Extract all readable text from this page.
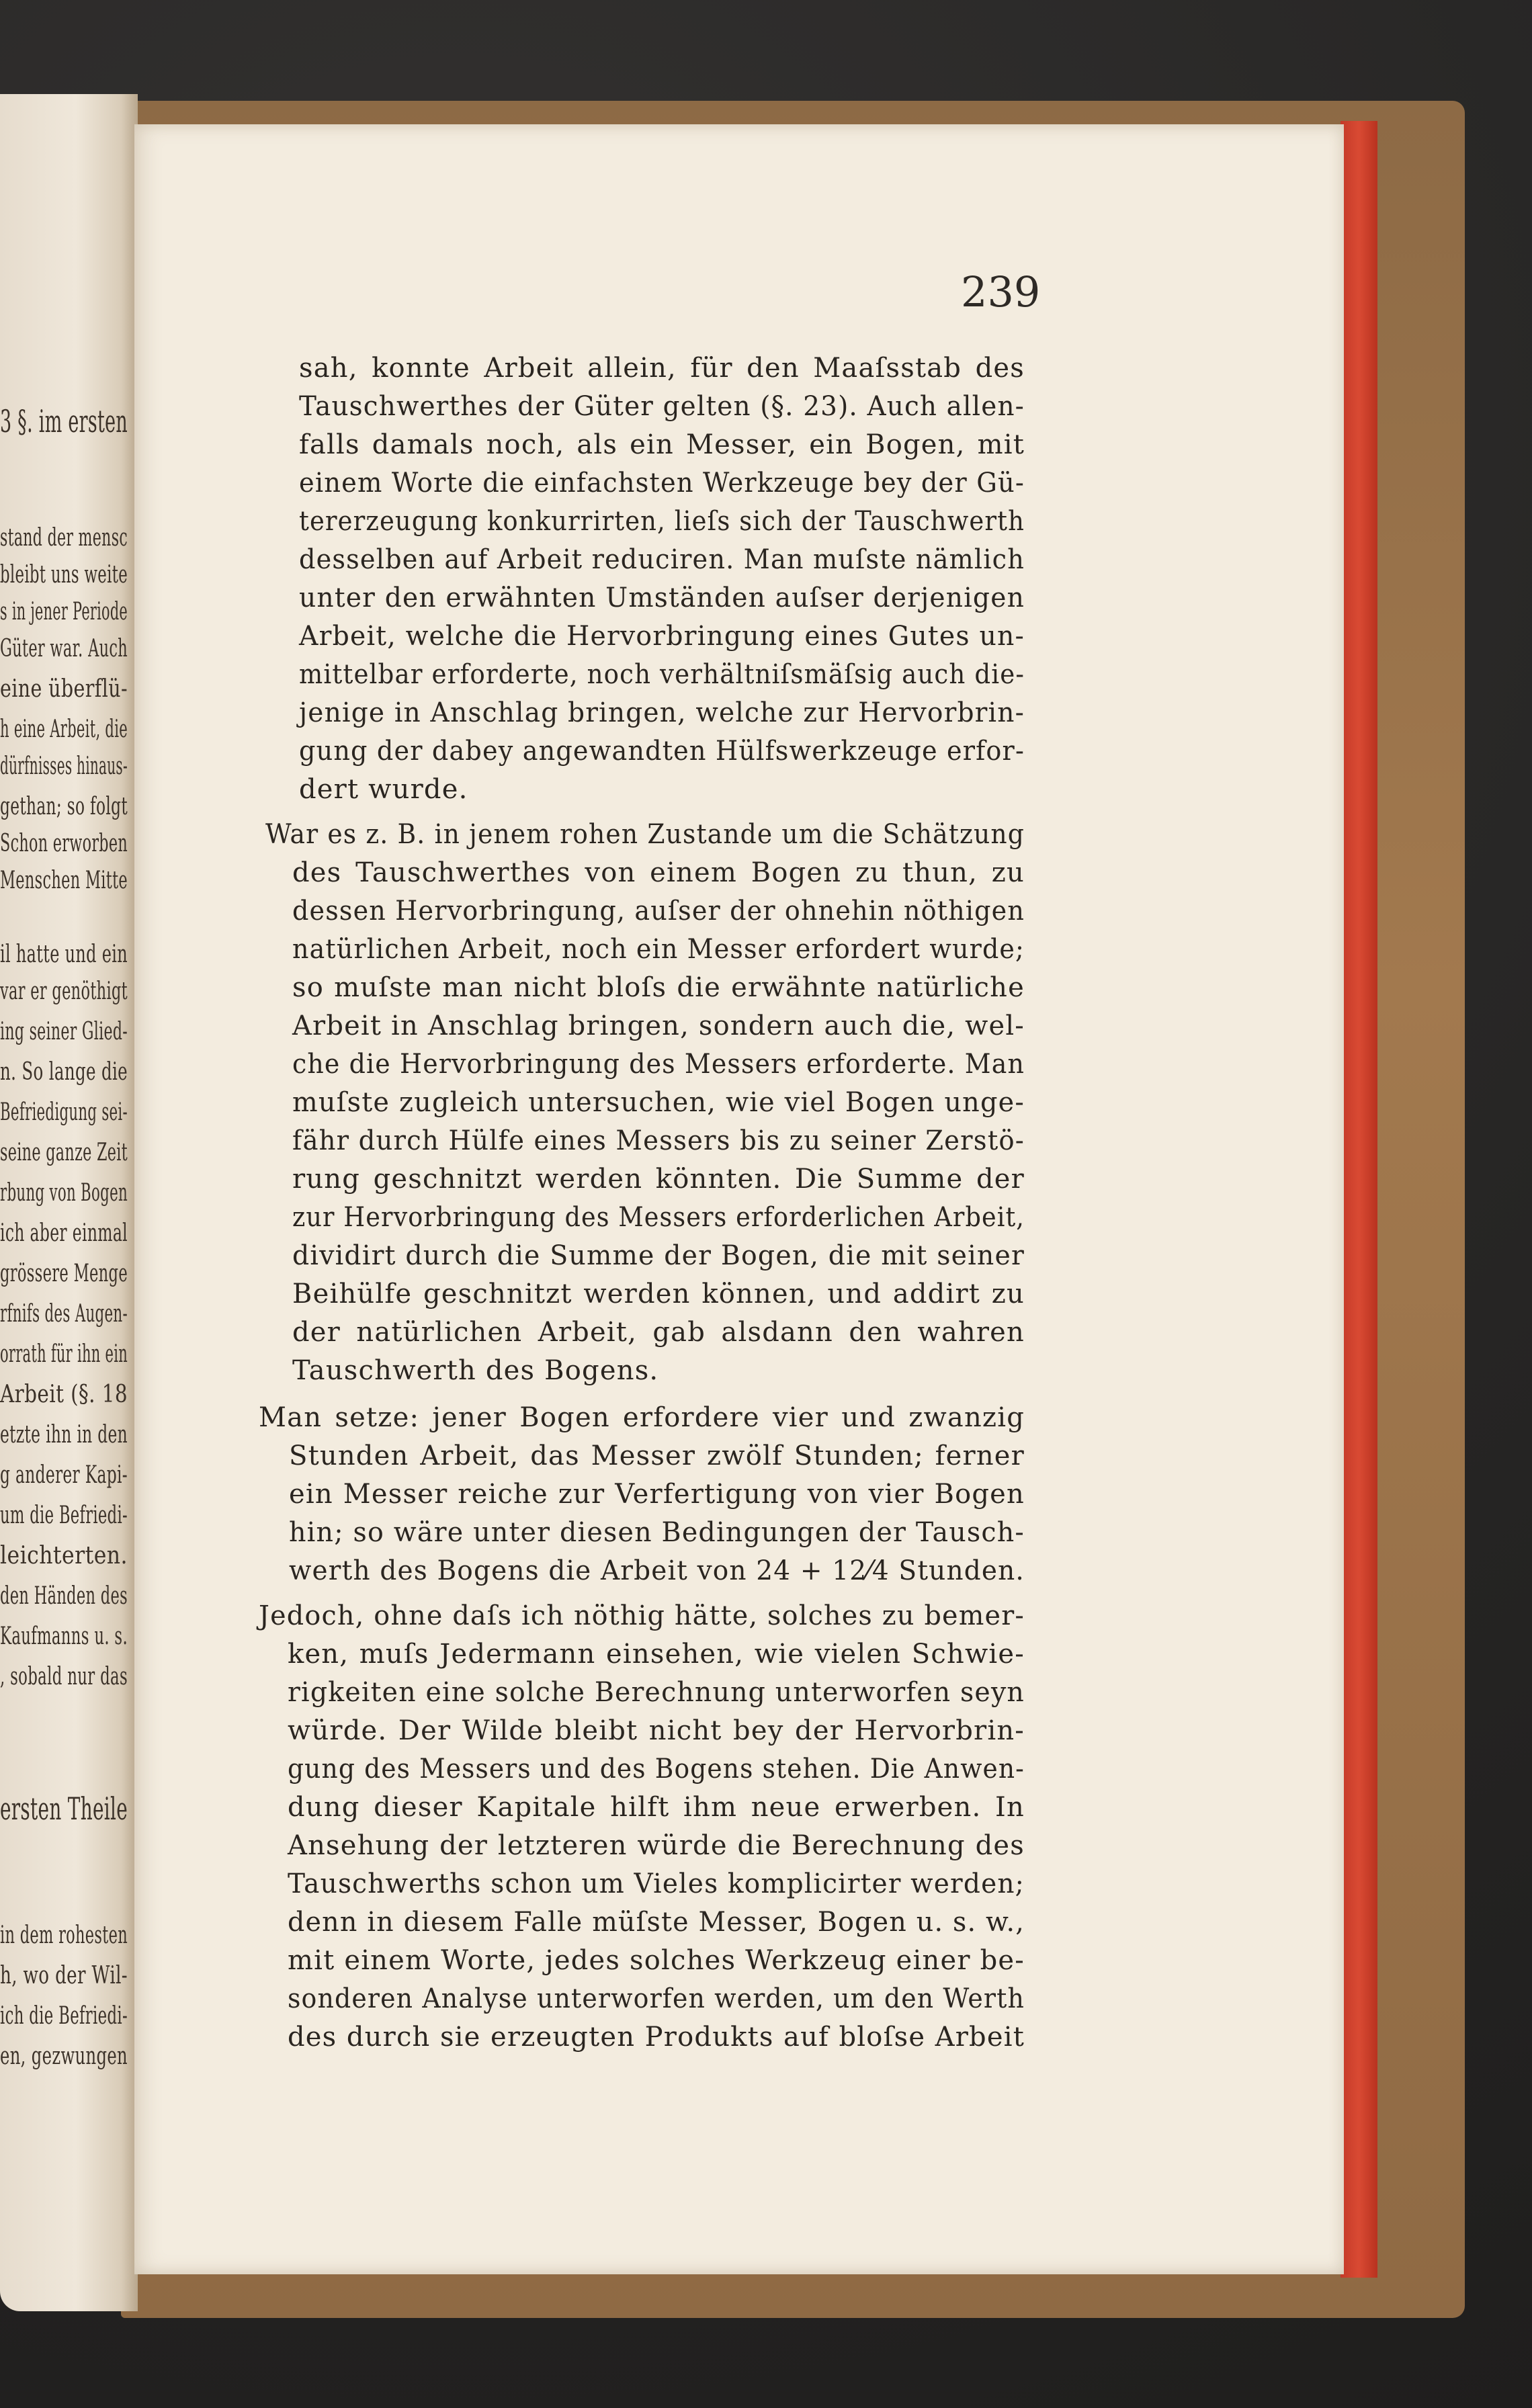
3 §. im ersten
stand der mensc
bleibt uns weite
s in jener Periode
Güter war. Auch
eine überflü-
h eine Arbeit, die
dürfnisses hinaus-
gethan; so folgt
Schon erworben
Menschen Mitte
il hatte und ein
var er genöthigt
ing seiner Glied-
n. So lange die
Befriedigung sei-
seine ganze Zeit
rbung von Bogen
ich aber einmal
grössere Menge
rfnifs des Augen-
orrath für ihn ein
Arbeit (§. 18
etzte ihn in den
g anderer Kapi-
um die Befriedi-
leichterten.
den Händen des
Kaufmanns u. s.
, sobald nur das
ersten Theile
in dem rohesten
h, wo der Wil-
ich die Befriedi-
en, gezwungen
239
sah, konnte Arbeit allein, für den Maaſsstab des
Tauschwerthes der Güter gelten (§. 23). Auch allen-
falls damals noch, als ein Messer, ein Bogen, mit
einem Worte die einfachsten Werkzeuge bey der Gü-
tererzeugung konkurrirten, lieſs sich der Tauschwerth
desselben auf Arbeit reduciren. Man muſste nämlich
unter den erwähnten Umständen auſser derjenigen
Arbeit, welche die Hervorbringung eines Gutes un-
mittelbar erforderte, noch verhältniſsmäſsig auch die-
jenige in Anschlag bringen, welche zur Hervorbrin-
gung der dabey angewandten Hülfswerkzeuge erfor-
dert wurde.
War es z. B. in jenem rohen Zustande um die Schätzung
des Tauschwerthes von einem Bogen zu thun, zu
dessen Hervorbringung, auſser der ohnehin nöthigen
natürlichen Arbeit, noch ein Messer erfordert wurde;
so muſste man nicht bloſs die erwähnte natürliche
Arbeit in Anschlag bringen, sondern auch die, wel-
che die Hervorbringung des Messers erforderte. Man
muſste zugleich untersuchen, wie viel Bogen unge-
fähr durch Hülfe eines Messers bis zu seiner Zerstö-
rung geschnitzt werden könnten. Die Summe der
zur Hervorbringung des Messers erforderlichen Arbeit,
dividirt durch die Summe der Bogen, die mit seiner
Beihülfe geschnitzt werden können, und addirt zu
der natürlichen Arbeit, gab alsdann den wahren
Tauschwerth des Bogens.
Man setze: jener Bogen erfordere vier und zwanzig
Stunden Arbeit, das Messer zwölf Stunden; ferner
ein Messer reiche zur Verfertigung von vier Bogen
hin; so wäre unter diesen Bedingungen der Tausch-
werth des Bogens die Arbeit von 24 + 12⁄4 Stunden.
Jedoch, ohne daſs ich nöthig hätte, solches zu bemer-
ken, muſs Jedermann einsehen, wie vielen Schwie-
rigkeiten eine solche Berechnung unterworfen seyn
würde. Der Wilde bleibt nicht bey der Hervorbrin-
gung des Messers und des Bogens stehen. Die Anwen-
dung dieser Kapitale hilft ihm neue erwerben. In
Ansehung der letzteren würde die Berechnung des
Tauschwerths schon um Vieles komplicirter werden;
denn in diesem Falle müſste Messer, Bogen u. s. w.,
mit einem Worte, jedes solches Werkzeug einer be-
sonderen Analyse unterworfen werden, um den Werth
des durch sie erzeugten Produkts auf bloſse Arbeit
